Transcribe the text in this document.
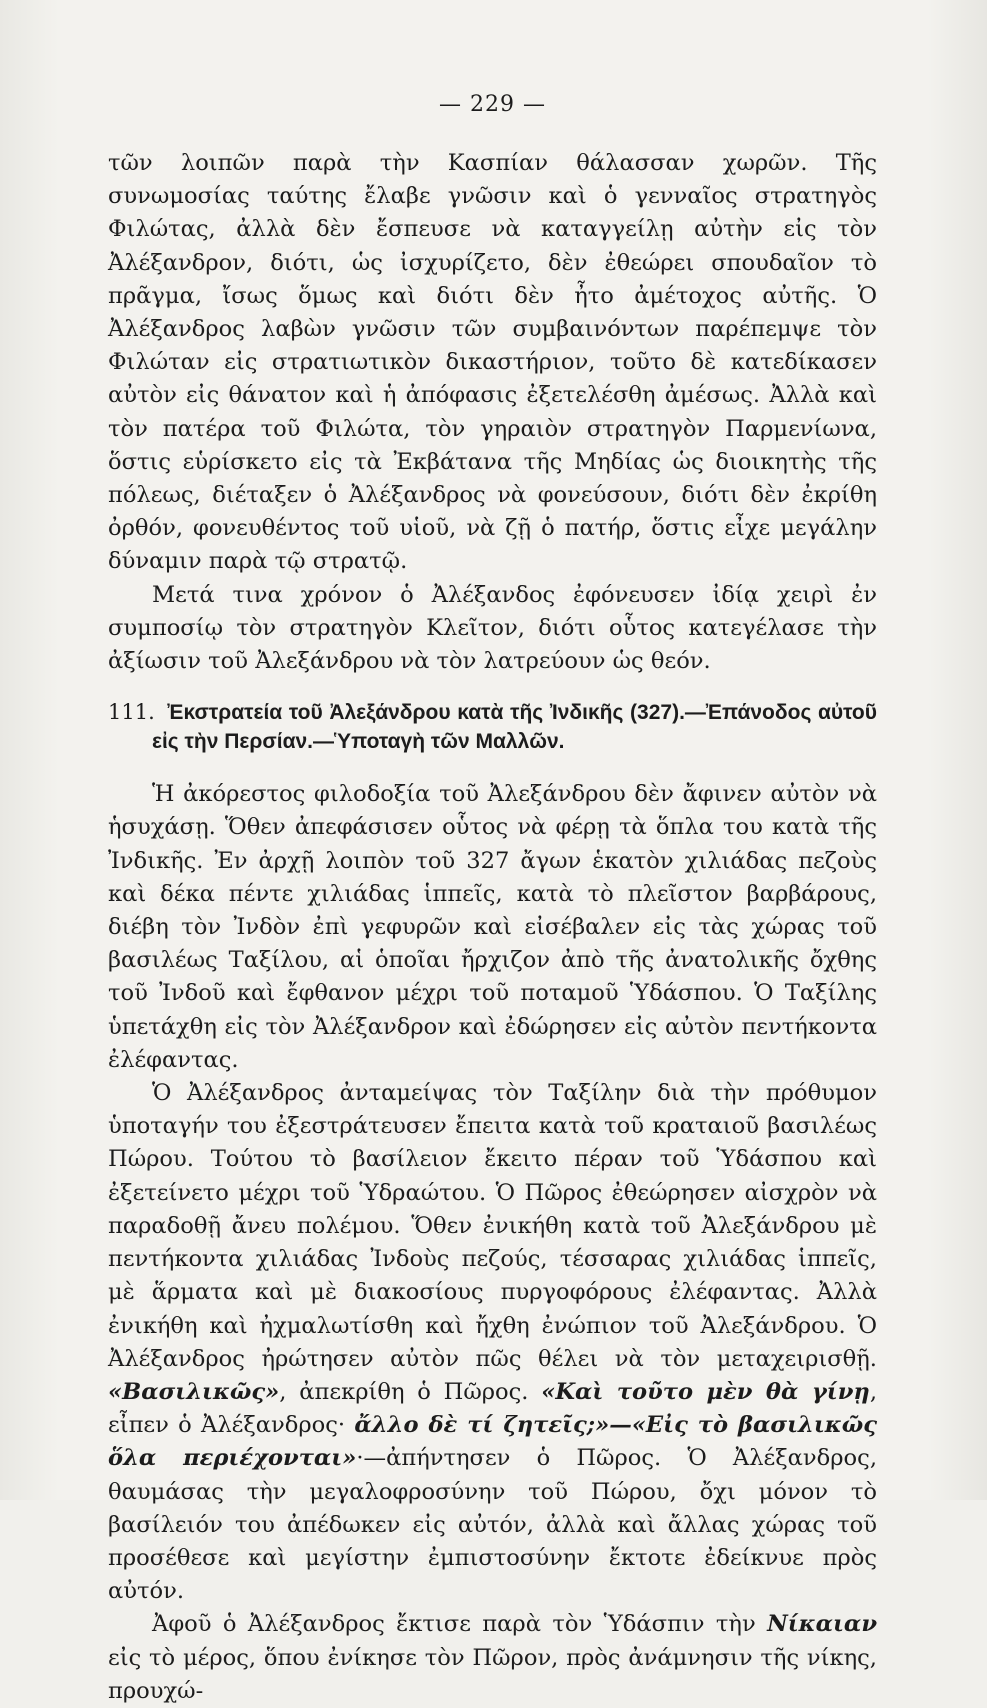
— 229 —

τῶν λοιπῶν παρὰ τὴν Κασπίαν θάλασσαν χωρῶν. Τῆς συνωμοσίας ταύτης ἔλαβε γνῶσιν καὶ ὁ γενναῖος στρατηγὸς Φιλώτας, ἀλλὰ δὲν ἔσπευσε νὰ καταγγείλῃ αὐτὴν εἰς τὸν Ἀλέξανδρον, διότι, ὡς ἰσχυρίζετο, δὲν ἐθεώρει σπουδαῖον τὸ πρᾶγμα, ἴσως ὅμως καὶ διότι δὲν ἦτο ἀμέτοχος αὐτῆς. Ὁ Ἀλέξανδρος λαβὼν γνῶσιν τῶν συμβαινόντων παρέπεμψε τὸν Φιλώταν εἰς στρατιωτικὸν δικαστήριον, τοῦτο δὲ κατεδίκασεν αὐτὸν εἰς θάνατον καὶ ἡ ἀπόφασις ἐξετελέσθη ἀμέσως. Ἀλλὰ καὶ τὸν πατέρα τοῦ Φιλώτα, τὸν γηραιὸν στρατηγὸν Παρμενίωνα, ὅστις εὑρίσκετο εἰς τὰ Ἐκβάτανα τῆς Μηδίας ὡς διοικητὴς τῆς πόλεως, διέταξεν ὁ Ἀλέξανδρος νὰ φονεύσουν, διότι δὲν ἐκρίθη ὀρθόν, φονευθέντος τοῦ υἱοῦ, νὰ ζῇ ὁ πατήρ, ὅστις εἶχε μεγάλην δύναμιν παρὰ τῷ στρατῷ.

Μετά τινα χρόνον ὁ Ἀλέξανδος ἐφόνευσεν ἰδίᾳ χειρὶ ἐν συμποσίῳ τὸν στρατηγὸν Κλεῖτον, διότι οὗτος κατεγέλασε τὴν ἀξίωσιν τοῦ Ἀλεξάνδρου νὰ τὸν λατρεύουν ὡς θεόν.

111. Ἐκστρατεία τοῦ Ἀλεξάνδρου κατὰ τῆς Ἰνδικῆς (327).—Ἐπάνοδος αὐτοῦ εἰς τὴν Περσίαν.—Ὑποταγὴ τῶν Μαλλῶν.

Ἡ ἀκόρεστος φιλοδοξία τοῦ Ἀλεξάνδρου δὲν ἄφινεν αὐτὸν νὰ ἡσυχάσῃ. Ὅθεν ἀπεφάσισεν οὗτος νὰ φέρῃ τὰ ὅπλα του κατὰ τῆς Ἰνδικῆς. Ἐν ἀρχῇ λοιπὸν τοῦ 327 ἄγων ἑκατὸν χιλιάδας πεζοὺς καὶ δέκα πέντε χιλιάδας ἱππεῖς, κατὰ τὸ πλεῖστον βαρβάρους, διέβη τὸν Ἰνδὸν ἐπὶ γεφυρῶν καὶ εἰσέβαλεν εἰς τὰς χώρας τοῦ βασιλέως Ταξίλου, αἱ ὁποῖαι ἤρχιζον ἀπὸ τῆς ἀνατολικῆς ὄχθης τοῦ Ἰνδοῦ καὶ ἔφθανον μέχρι τοῦ ποταμοῦ Ὑδάσπου. Ὁ Ταξίλης ὑπετάχθη εἰς τὸν Ἀλέξανδρον καὶ ἐδώρησεν εἰς αὐτὸν πεντήκοντα ἐλέφαντας.

Ὁ Ἀλέξανδρος ἀνταμείψας τὸν Ταξίλην διὰ τὴν πρόθυμον ὑποταγήν του ἐξεστράτευσεν ἔπειτα κατὰ τοῦ κραταιοῦ βασιλέως Πώρου. Τούτου τὸ βασίλειον ἔκειτο πέραν τοῦ Ὑδάσπου καὶ ἐξετείνετο μέχρι τοῦ Ὑδραώτου. Ὁ Πῶρος ἐθεώρησεν αἰσχρὸν νὰ παραδοθῇ ἄνευ πολέμου. Ὅθεν ἐνικήθη κατὰ τοῦ Ἀλεξάνδρου μὲ πεντήκοντα χιλιάδας Ἰνδοὺς πεζούς, τέσσαρας χιλιάδας ἱππεῖς, μὲ ἅρματα καὶ μὲ διακοσίους πυργοφόρους ἐλέφαντας. Ἀλλὰ ἐνικήθη καὶ ἠχμαλωτίσθη καὶ ἤχθη ἐνώπιον τοῦ Ἀλεξάνδρου. Ὁ Ἀλέξανδρος ἠρώτησεν αὐτὸν πῶς θέλει νὰ τὸν μεταχειρισθῇ. «Βασιλικῶς», ἀπεκρίθη ὁ Πῶρος. «Καὶ τοῦτο μὲν θὰ γίνῃ, εἶπεν ὁ Ἀλέξανδρος· ἄλλο δὲ τί ζητεῖς;»—«Εἰς τὸ βασιλικῶς ὅλα περιέχονται»·—ἀπήντησεν ὁ Πῶρος. Ὁ Ἀλέξανδρος, θαυμάσας τὴν μεγαλοφροσύνην τοῦ Πώρου, ὄχι μόνον τὸ βασίλειόν του ἀπέδωκεν εἰς αὐτόν, ἀλλὰ καὶ ἄλλας χώρας τοῦ προσέθεσε καὶ μεγίστην ἐμπιστοσύνην ἔκτοτε ἐδείκνυε πρὸς αὐτόν.

Ἀφοῦ ὁ Ἀλέξανδρος ἔκτισε παρὰ τὸν Ὑδάσπιν τὴν Νίκαιαν εἰς τὸ μέρος, ὅπου ἐνίκησε τὸν Πῶρον, πρὸς ἀνάμνησιν τῆς νίκης, προυχώ-
